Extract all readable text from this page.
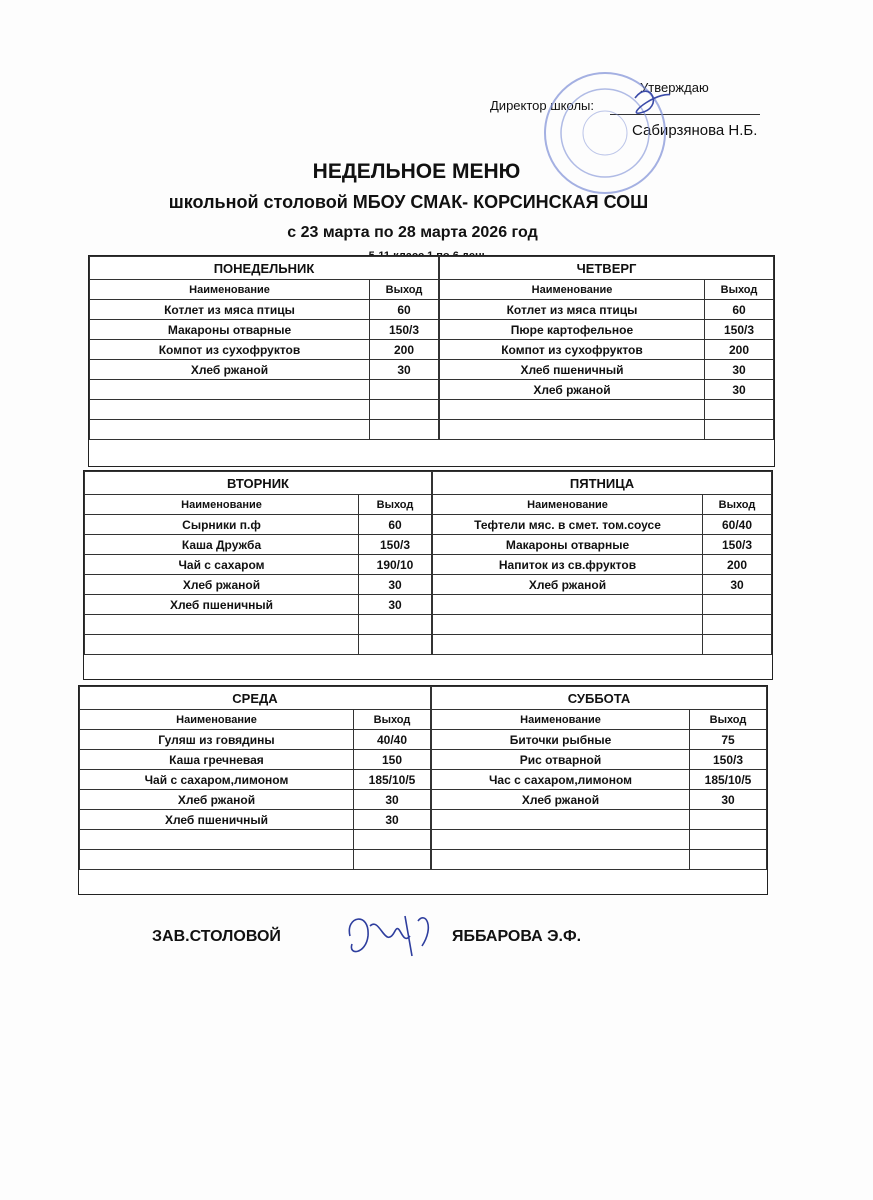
Утверждаю
Директор школы:
Сабирзянова Н.Б.
НЕДЕЛЬНОЕ МЕНЮ
школьной столовой МБОУ СМАК- КОРСИНСКАЯ СОШ
с 23 марта по 28 марта 2026 год
ПОНЕДЕЛЬНИК	
Наименование	Выход
Котлет из мяса птицы	60
Макароны отварные	150/3
Компот из сухофруктов	200
Хлеб ржаной	30

ЧЕТВЕРГ	
Наименование	Выход
Котлет из мяса птицы	60
Пюре картофельное	150/3
Компот из сухофруктов	200
Хлеб пшеничный	30
Хлеб ржаной	30

ВТОРНИК	
Наименование	Выход
Сырники п.ф	60
Каша Дружба	150/3
Чай с сахаром	190/10
Хлеб ржаной	30
Хлеб пшеничный	30

ПЯТНИЦА	
Наименование	Выход
Тефтели мяс. в смет. том.соусе	60/40
Макароны отварные	150/3
Напиток из св.фруктов	200
Хлеб ржаной	30

СРЕДА	
Наименование	Выход
Гуляш из говядины	40/40
Каша гречневая	150
Чай с сахаром,лимоном	185/10/5
Хлеб ржаной	30
Хлеб пшеничный	30

СУББОТА	
Наименование	Выход
Биточки рыбные	75
Рис отварной	150/3
Час с сахаром,лимоном	185/10/5
Хлеб ржаной	30

ЗАВ.СТОЛОВОЙ	ЯББАРОВА Э.Ф.
